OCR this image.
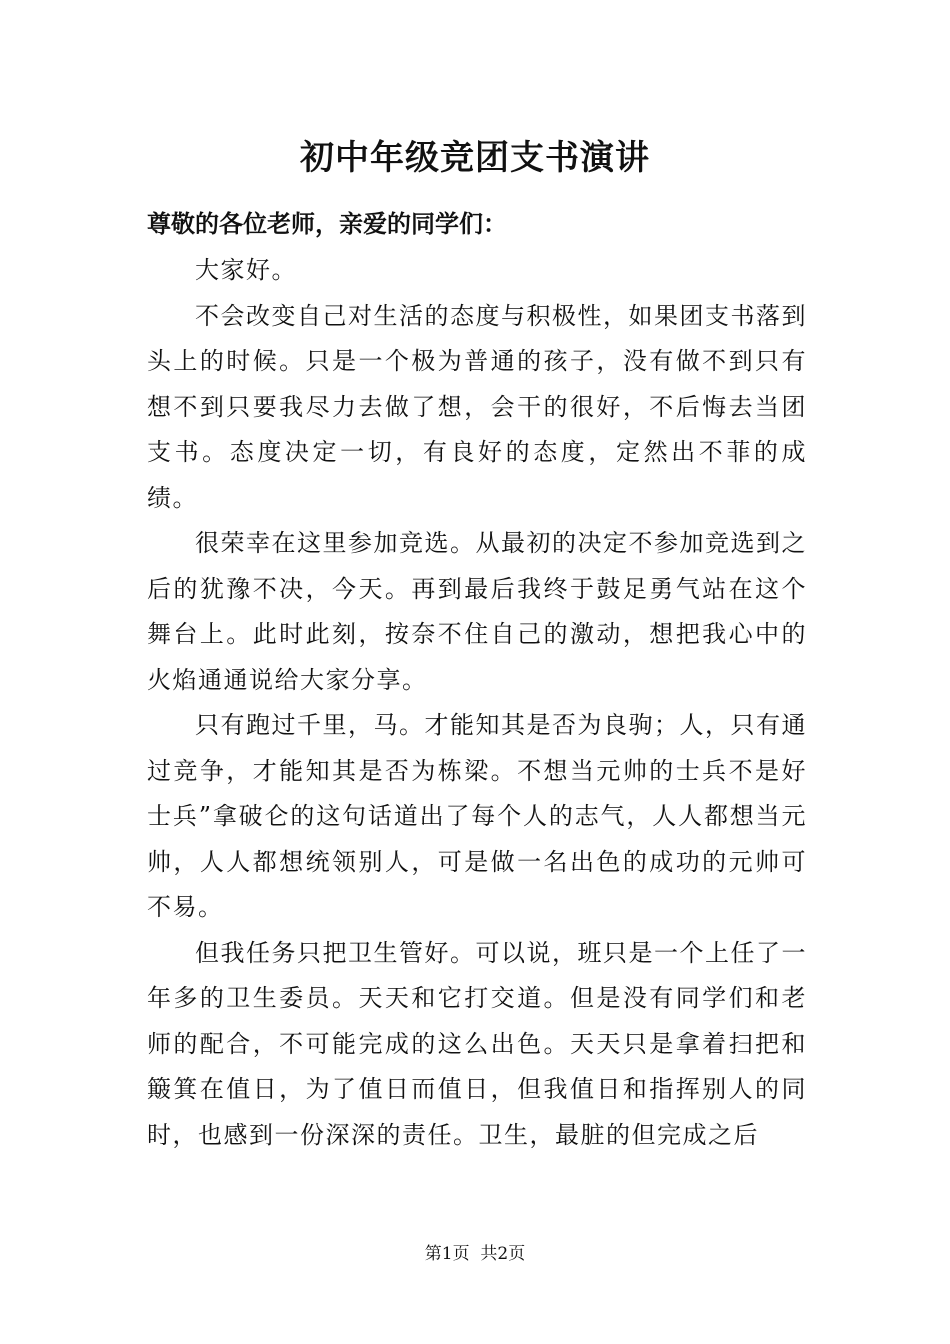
初中年级竞团支书演讲
尊敬的各位老师，亲爱的同学们：

大家好。

不会改变自己对生活的态度与积极性，如果团支书落到头上的时候。只是一个极为普通的孩子，没有做不到只有想不到只要我尽力去做了想，会干的很好，不后悔去当团支书。态度决定一切，有良好的态度，定然出不菲的成绩。

很荣幸在这里参加竞选。从最初的决定不参加竞选到之后的犹豫不决，今天。再到最后我终于鼓足勇气站在这个舞台上。此时此刻，按奈不住自己的激动，想把我心中的火焰通通说给大家分享。

只有跑过千里，马。才能知其是否为良驹；人，只有通过竞争，才能知其是否为栋梁。不想当元帅的士兵不是好士兵”拿破仑的这句话道出了每个人的志气，人人都想当元帅，人人都想统领别人，可是做一名出色的成功的元帅可不易。

但我任务只把卫生管好。可以说，班只是一个上任了一年多的卫生委员。天天和它打交道。但是没有同学们和老师的配合，不可能完成的这么出色。天天只是拿着扫把和簸箕在值日，为了值日而值日，但我值日和指挥别人的同时，也感到一份深深的责任。卫生，最脏的但完成之后

第1页  共2页
